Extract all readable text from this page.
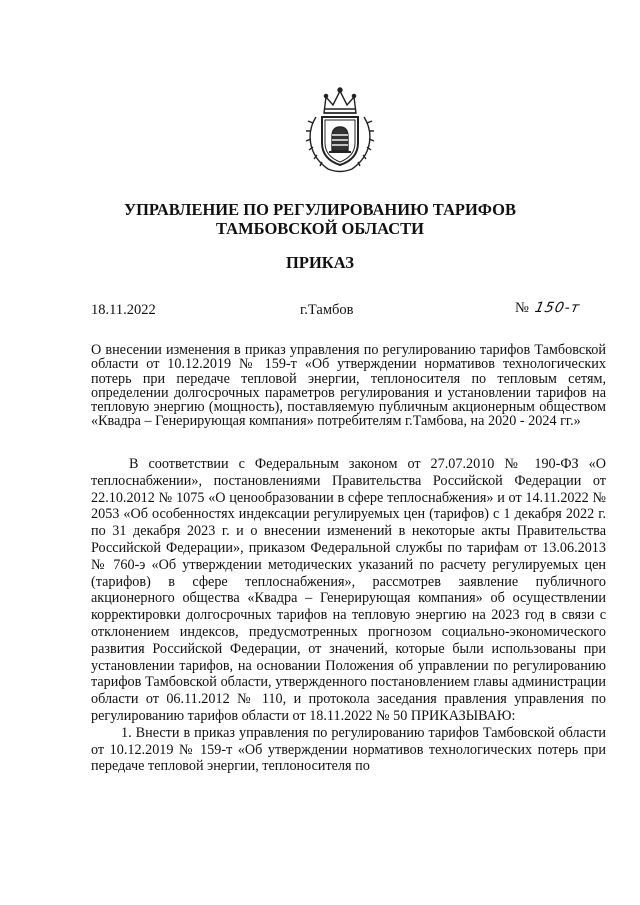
УПРАВЛЕНИЕ ПО РЕГУЛИРОВАНИЮ ТАРИФОВ
ТАМБОВСКОЙ ОБЛАСТИ
ПРИКАЗ
18.11.2022	г.Тамбов	№ 150-т
О внесении изменения в приказ управления по регулированию тарифов Тамбовской области от 10.12.2019 № 159-т «Об утверждении нормативов технологических потерь при передаче тепловой энергии, теплоносителя по тепловым сетям, определении долгосрочных параметров регулирования и установлении тарифов на тепловую энергию (мощность), поставляемую публичным акционерным обществом «Квадра – Генерирующая компания» потребителям г.Тамбова, на 2020 - 2024 гг.»

В соответствии с Федеральным законом от 27.07.2010 № 190-ФЗ «О теплоснабжении», постановлениями Правительства Российской Федерации от 22.10.2012 № 1075 «О ценообразовании в сфере теплоснабжения» и от 14.11.2022 № 2053 «Об особенностях индексации регулируемых цен (тарифов) с 1 декабря 2022 г. по 31 декабря 2023 г. и о внесении изменений в некоторые акты Правительства Российской Федерации», приказом Федеральной службы по тарифам от 13.06.2013 № 760-э «Об утверждении методических указаний по расчету регулируемых цен (тарифов) в сфере теплоснабжения», рассмотрев заявление публичного акционерного общества «Квадра – Генерирующая компания» об осуществлении корректировки долгосрочных тарифов на тепловую энергию на 2023 год в связи с отклонением индексов, предусмотренных прогнозом социально-экономического развития Российской Федерации, от значений, которые были использованы при установлении тарифов, на основании Положения об управлении по регулированию тарифов Тамбовской области, утвержденного постановлением главы администрации области от 06.11.2012 № 110, и протокола заседания правления управления по регулированию тарифов области от 18.11.2022 № 50 ПРИКАЗЫВАЮ:

1. Внести в приказ управления по регулированию тарифов Тамбовской области от 10.12.2019 № 159-т «Об утверждении нормативов технологических потерь при передаче тепловой энергии, теплоносителя по
